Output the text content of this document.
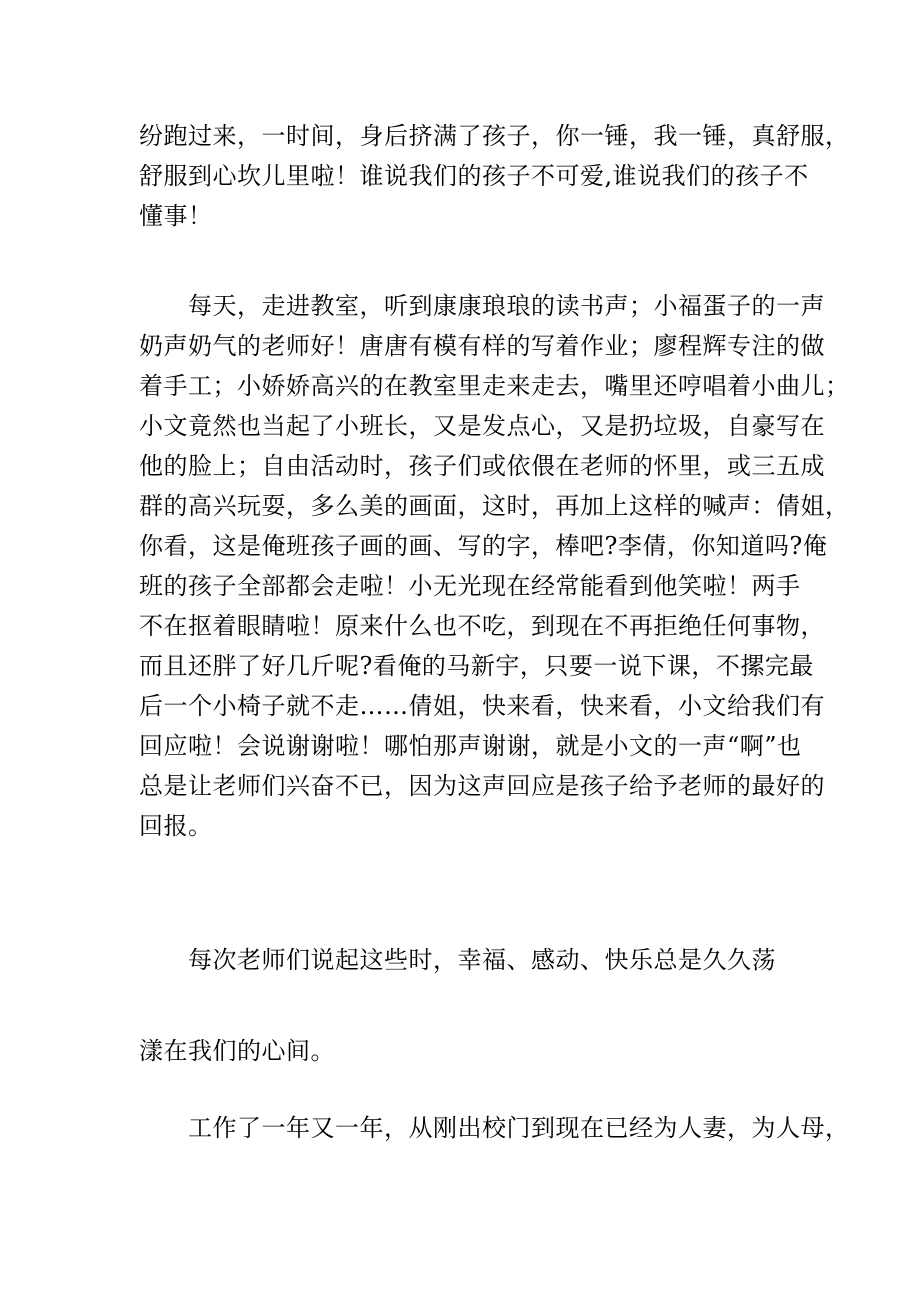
纷跑过来，一时间，身后挤满了孩子，你一锤，我一锤，真舒服，
舒服到心坎儿里啦！谁说我们的孩子不可爱,谁说我们的孩子不
懂事！
　　每天，走进教室，听到康康琅琅的读书声；小福蛋子的一声
奶声奶气的老师好！唐唐有模有样的写着作业；廖程辉专注的做
着手工；小娇娇高兴的在教室里走来走去，嘴里还哼唱着小曲儿；
小文竟然也当起了小班长，又是发点心，又是扔垃圾，自豪写在
他的脸上；自由活动时，孩子们或依偎在老师的怀里，或三五成
群的高兴玩耍，多么美的画面，这时，再加上这样的喊声：倩姐，
你看，这是俺班孩子画的画、写的字，棒吧?李倩，你知道吗?俺
班的孩子全部都会走啦！小无光现在经常能看到他笑啦！两手
不在抠着眼睛啦！原来什么也不吃，到现在不再拒绝任何事物，
而且还胖了好几斤呢?看俺的马新宇，只要一说下课，不摞完最
后一个小椅子就不走……倩姐，快来看，快来看，小文给我们有
回应啦！会说谢谢啦！哪怕那声谢谢，就是小文的一声“啊”也
总是让老师们兴奋不已，因为这声回应是孩子给予老师的最好的
回报。
　　每次老师们说起这些时，幸福、感动、快乐总是久久荡
漾在我们的心间。
　　工作了一年又一年，从刚出校门到现在已经为人妻，为人母，
